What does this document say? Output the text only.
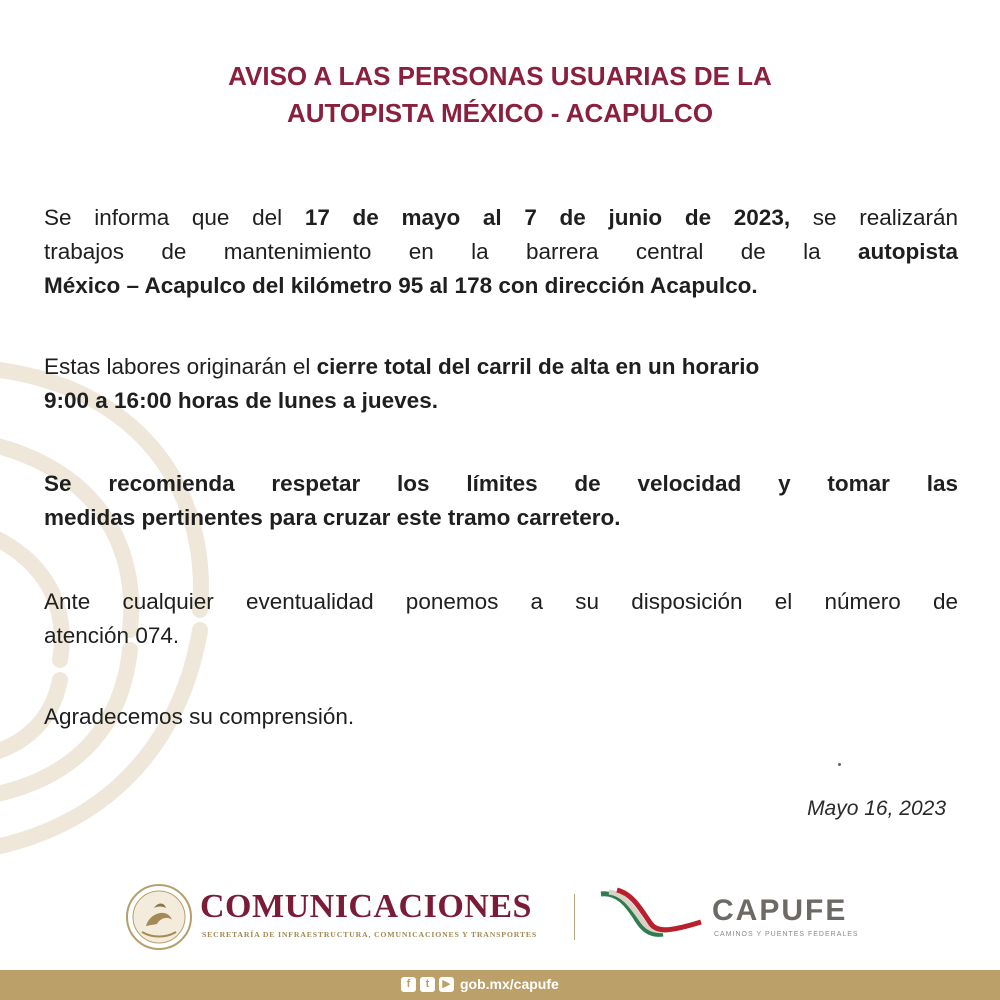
AVISO A LAS PERSONAS USUARIAS DE LA
AUTOPISTA MÉXICO - ACAPULCO
Se informa que del 17 de mayo al 7 de junio de 2023, se realizarán
trabajos de mantenimiento en la barrera central de la autopista
México – Acapulco del kilómetro 95 al 178 con dirección Acapulco.
Estas labores originarán el cierre total del carril de alta en un horario
9:00 a 16:00 horas de lunes a jueves.
Se recomienda respetar los límites de velocidad y tomar las
medidas pertinentes para cruzar este tramo carretero.
Ante cualquier eventualidad ponemos a su disposición el número de
atención 074.
Agradecemos su comprensión.
Mayo 16, 2023
COMUNICACIONES
SECRETARÍA DE INFRAESTRUCTURA, COMUNICACIONES Y TRANSPORTES
CAPUFE
CAMINOS Y PUENTES FEDERALES
f	t	▶ gob.mx/capufe
